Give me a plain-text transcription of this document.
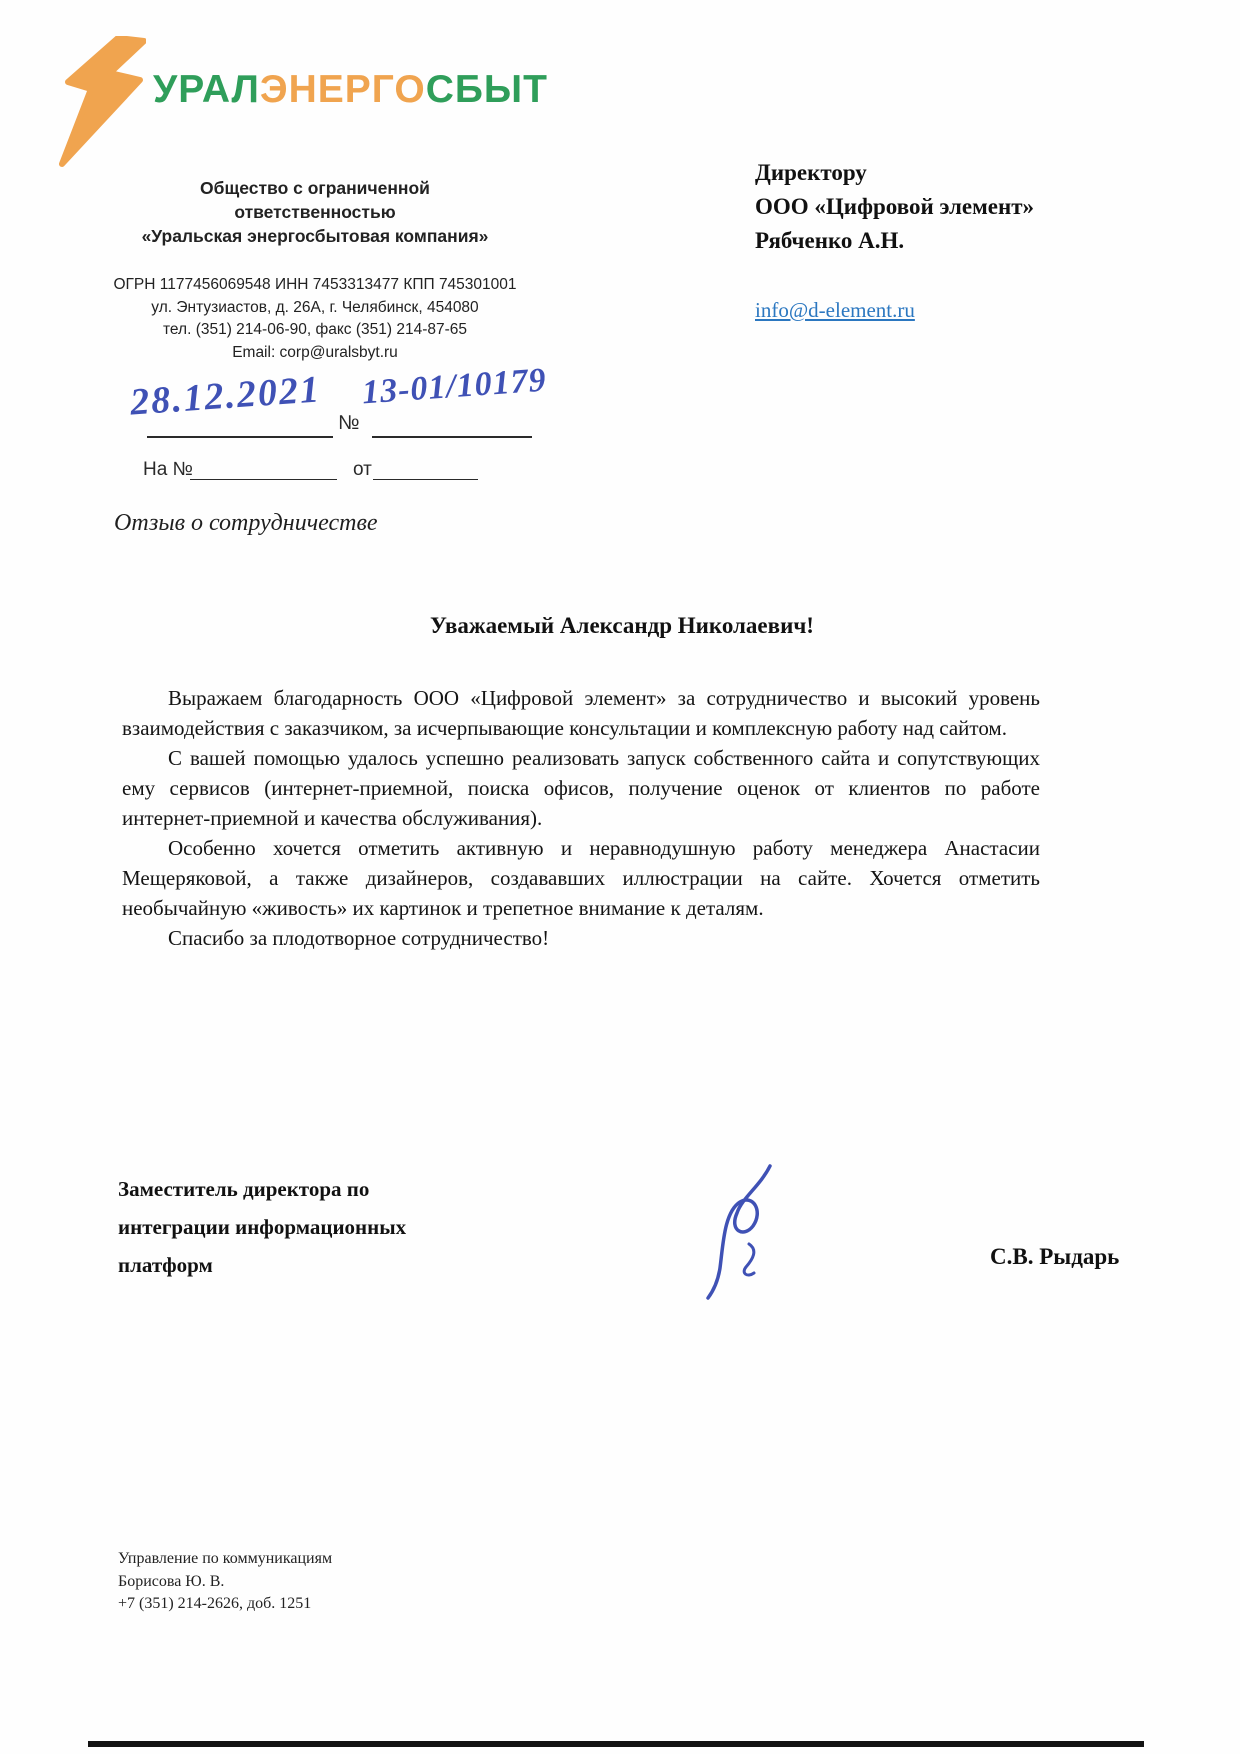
УРАЛЭНЕРГОСБЫТ
Общество с ограниченной
ответственностью
«Уральская энергосбытовая компания»
ОГРН 1177456069548 ИНН 7453313477 КПП 745301001
ул. Энтузиастов, д. 26А, г. Челябинск, 454080
тел. (351) 214-06-90, факс (351) 214-87-65
Email: corp@uralsbyt.ru
28.12.2021 №
13-01/10179
На №	от
Отзыв о сотрудничестве
Директору
ООО «Цифровой элемент»
Рябченко А.Н.
info@d-element.ru
Уважаемый Александр Николаевич!

Выражаем благодарность ООО «Цифровой элемент» за сотрудничество и высокий уровень взаимодействия с заказчиком, за исчерпывающие консультации и комплексную работу над сайтом.

С вашей помощью удалось успешно реализовать запуск собственного сайта и сопутствующих ему сервисов (интернет-приемной, поиска офисов, получение оценок от клиентов по работе интернет-приемной и качества обслуживания).

Особенно хочется отметить активную и неравнодушную работу менеджера Анастасии Мещеряковой, а также дизайнеров, создававших иллюстрации на сайте. Хочется отметить необычайную «живость» их картинок и трепетное внимание к деталям.

Спасибо за плодотворное сотрудничество!

Заместитель директора по
интеграции информационных
платформ	С.В. Рыдарь
Управление по коммуникациям
Борисова Ю. В.
+7 (351) 214-2626, доб. 1251
